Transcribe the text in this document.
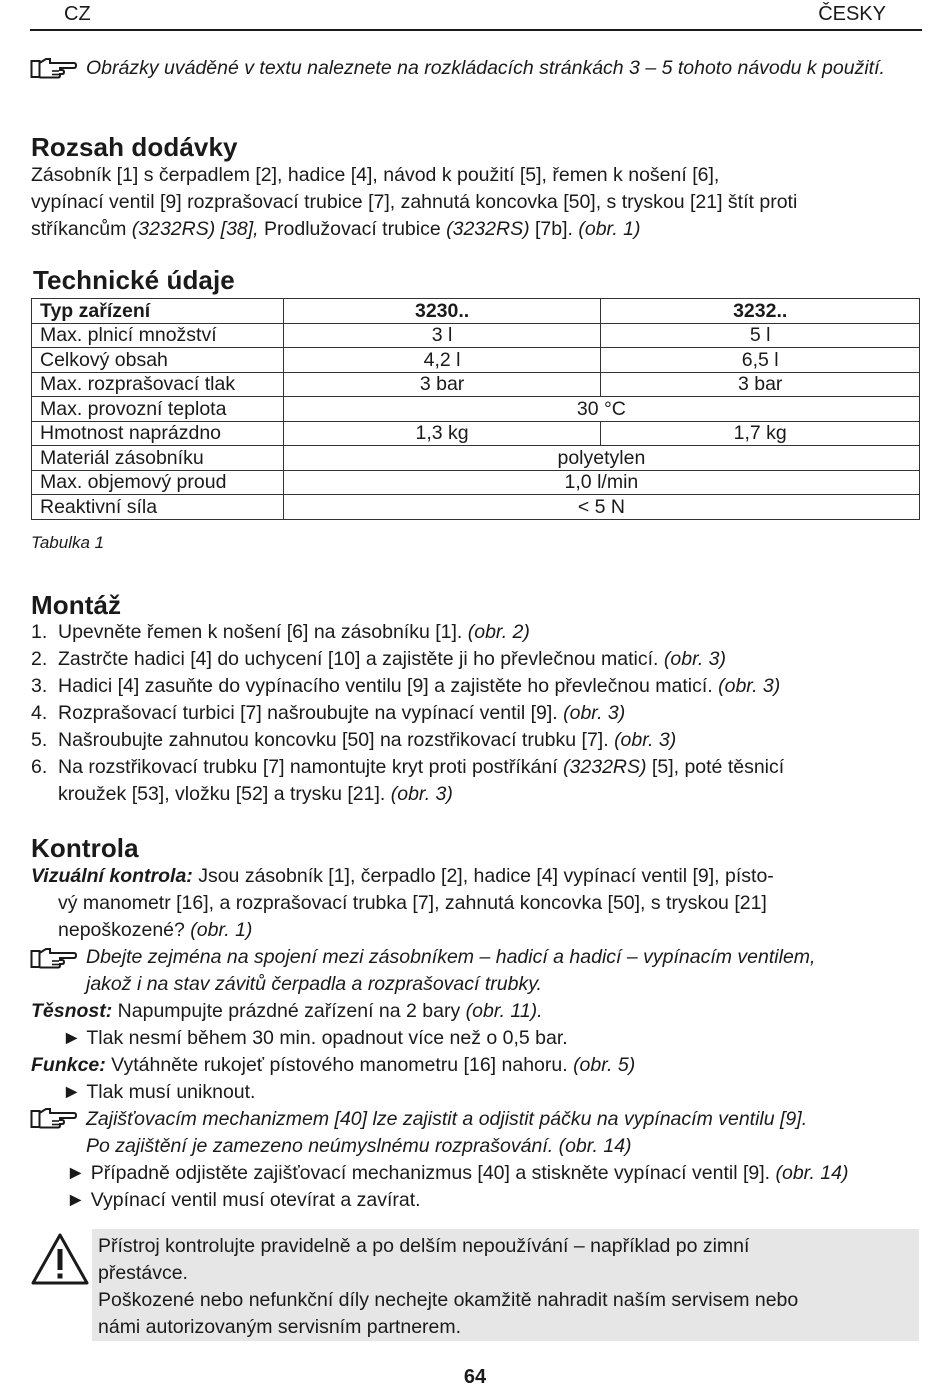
CZ	ČESKY
Obrázky uváděné v textu naleznete na rozkládacích stránkách 3 – 5 tohoto návodu k použití.
Rozsah dodávky
Zásobník [1] s čerpadlem [2], hadice [4], návod k použití [5], řemen k nošení [6],
vypínací ventil [9] rozprašovací trubice [7], zahnutá koncovka [50], s tryskou [21] štít proti
stříkancům (3232RS) [38], Prodlužovací trubice (3232RS) [7b]. (obr. 1)
Technické údaje
Typ zařízení	3230..	3232..
Max. plnicí množství	3 l	5 l
Celkový obsah	4,2 l	6,5 l
Max. rozprašovací tlak	3 bar	3 bar
Max. provozní teplota	30 °C	
Hmotnost naprázdno	1,3 kg	1,7 kg
Materiál zásobníku	polyetylen	
Max. objemový proud	1,0 l/min	
Reaktivní síla	< 5 N	
Tabulka 1
Montáž
1. Upevněte řemen k nošení [6] na zásobníku [1]. (obr. 2)
2. Zastrčte hadici [4] do uchycení [10] a zajistěte ji ho převlečnou maticí. (obr. 3)
3. Hadici [4] zasuňte do vypínacího ventilu [9] a zajistěte ho převlečnou maticí. (obr. 3)
4. Rozprašovací turbici [7] našroubujte na vypínací ventil [9]. (obr. 3)
5. Našroubujte zahnutou koncovku [50] na rozstřikovací trubku [7]. (obr. 3)
6. Na rozstřikovací trubku [7] namontujte kryt proti postříkání (3232RS) [5], poté těsnicí
kroužek [53], vložku [52] a trysku [21]. (obr. 3)
Kontrola
Vizuální kontrola: Jsou zásobník [1], čerpadlo [2], hadice [4] vypínací ventil [9], písto-
vý manometr [16], a rozprašovací trubka [7], zahnutá koncovka [50], s tryskou [21]
nepoškozené? (obr. 1)
Dbejte zejména na spojení mezi zásobníkem – hadicí a hadicí – vypínacím ventilem,
jakož i na stav závitů čerpadla a rozprašovací trubky.
Těsnost: Napumpujte prázdné zařízení na 2 bary (obr. 11).
► Tlak nesmí během 30 min. opadnout více než o 0,5 bar.
Funkce: Vytáhněte rukojeť pístového manometru [16] nahoru. (obr. 5)
► Tlak musí uniknout.
Zajišťovacím mechanizmem [40] lze zajistit a odjistit páčku na vypínacím ventilu [9].
Po zajištění je zamezeno neúmyslnému rozprašování. (obr. 14)
► Případně odjistěte zajišťovací mechanizmus [40] a stiskněte vypínací ventil [9]. (obr. 14)
► Vypínací ventil musí otevírat a zavírat.
Přístroj kontrolujte pravidelně a po delším nepoužívání – například po zimní
přestávce.
Poškozené nebo nefunkční díly nechejte okamžitě nahradit naším servisem nebo
námi autorizovaným servisním partnerem.
64
